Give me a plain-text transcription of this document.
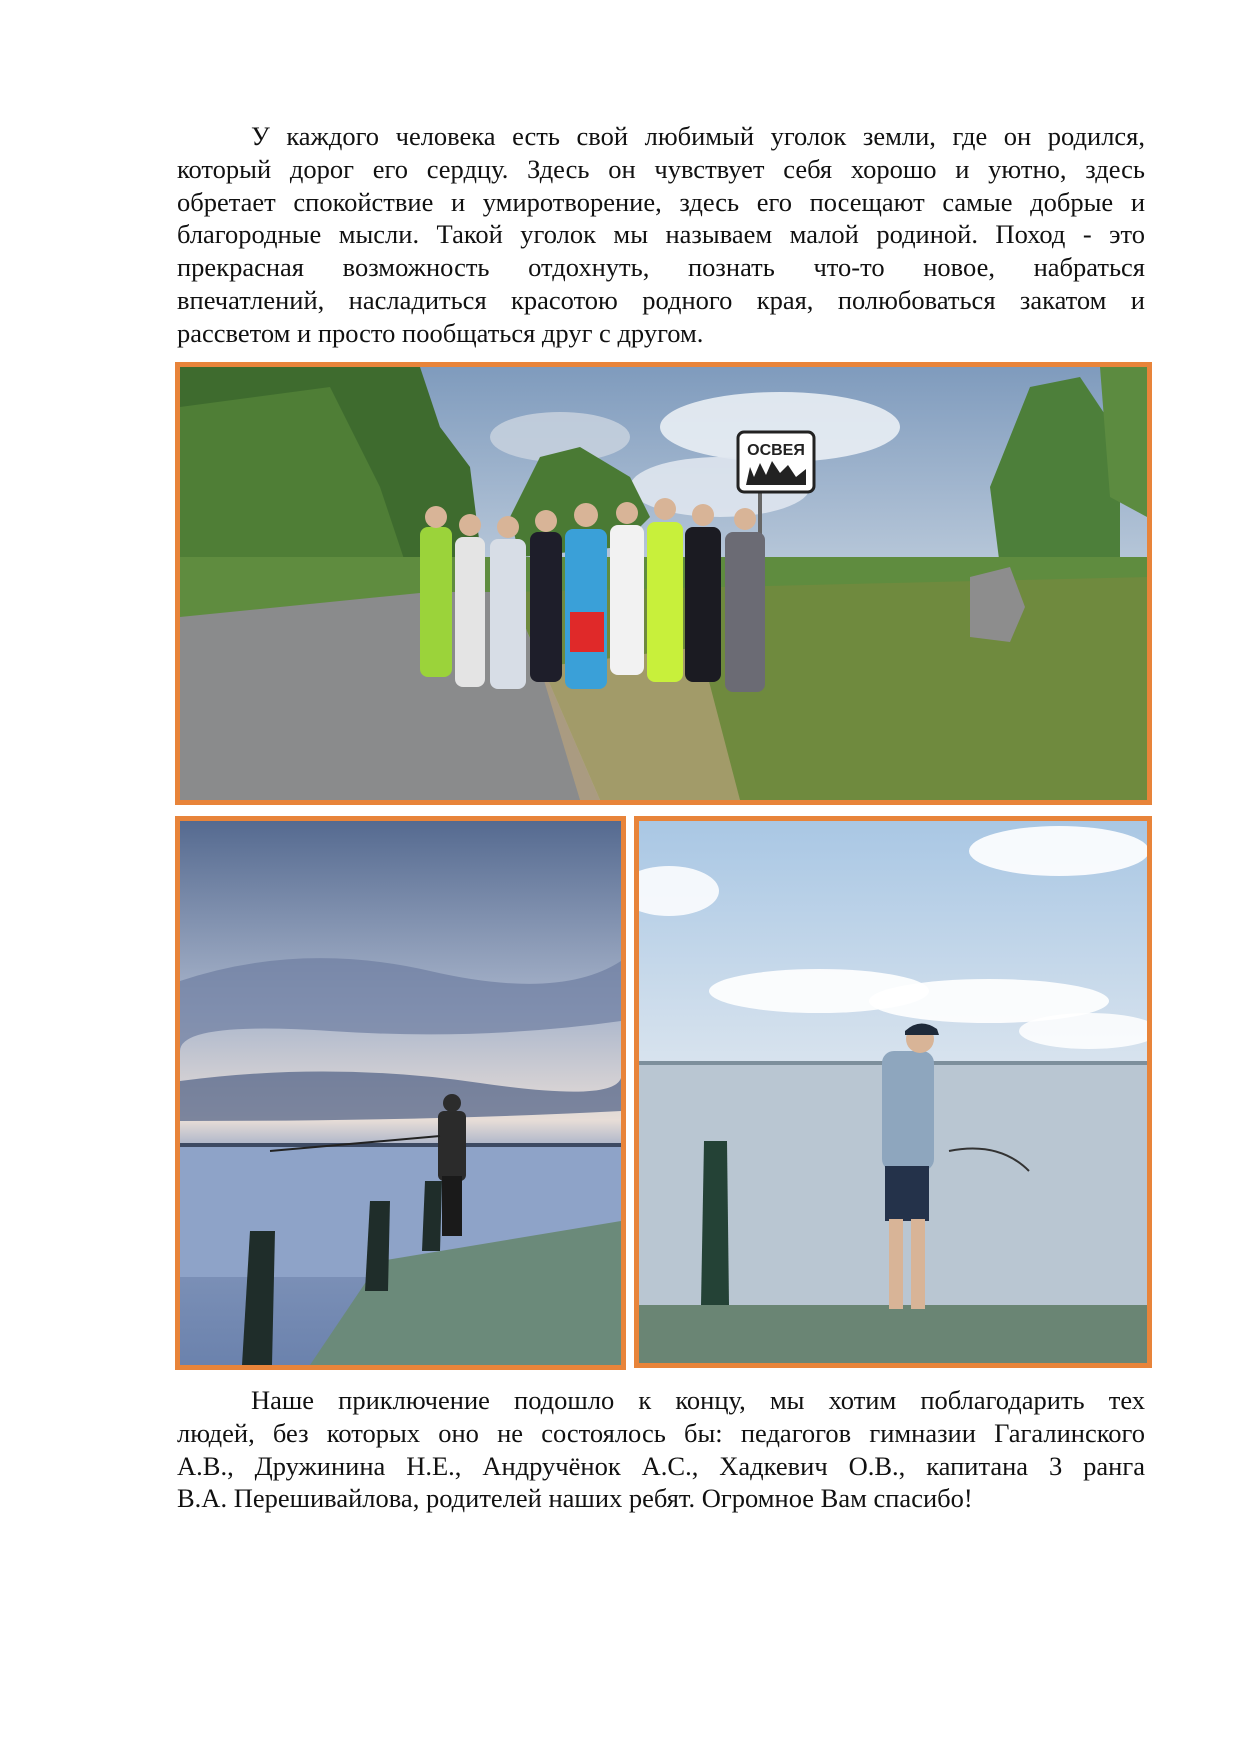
У каждого человека есть свой любимый уголок земли, где он родился,
который дорог его сердцу. Здесь он чувствует себя хорошо и уютно, здесь
обретает спокойствие и умиротворение, здесь его посещают самые добрые и
благородные мысли. Такой уголок мы называем малой родиной. Поход - это
прекрасная возможность отдохнуть, познать что-то новое, набраться
впечатлений, насладиться красотою родного края, полюбоваться закатом и
рассветом и просто пообщаться друг с другом.
ОСВЕЯ
Наше приключение подошло к концу, мы хотим поблагодарить тех
людей, без которых оно не состоялось бы: педагогов гимназии Гагалинского
А.В., Дружинина Н.Е., Андручёнок А.С., Хадкевич О.В., капитана 3 ранга
В.А. Перешивайлова, родителей наших ребят. Огромное Вам спасибо!
